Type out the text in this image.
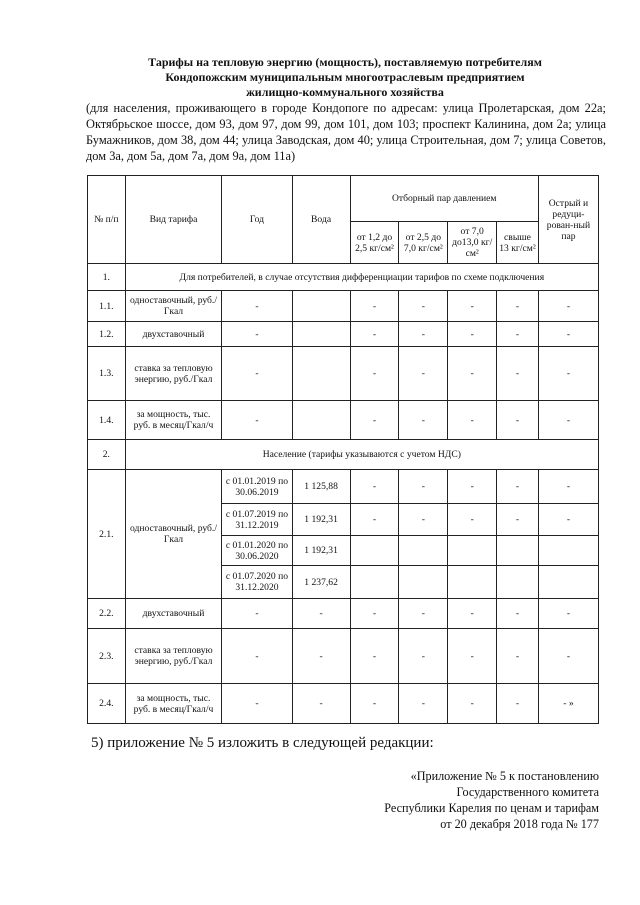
Тарифы на тепловую энергию (мощность), поставляемую потребителям
Кондопожским муниципальным многоотраслевым предприятием
жилищно-коммунального хозяйства
(для населения, проживающего в городе Кондопоге по адресам: улица Пролетарская, дом 22а; Октябрьское шоссе, дом 93, дом 97, дом 99, дом 101, дом 103; проспект Калинина, дом 2а; улица Бумажников, дом 38, дом 44; улица Заводская, дом 40; улица Строительная, дом 7; улица Советов, дом 3а, дом 5а, дом 7а, дом 9а, дом 11а)
№ п/п	Вид тарифа	Год	Вода	Отборный пар давлением				Острый и редуци-рован-ный пар
				от 1,2 до 2,5 кг/см²	от 2,5 до 7,0 кг/см²	от 7,0 до13,0 кг/см²	свыше 13 кг/см²	
1.	Для потребителей, в случае отсутствия дифференциации тарифов по схеме подключения							
1.1.	одноставочный, руб./Гкал	-		-	-	-	-	-
1.2.	двухставочный	-		-	-	-	-	-
1.3.	ставка за тепловую энергию, руб./Гкал	-		-	-	-	-	-
1.4.	за мощность, тыс. руб. в месяц/Гкал/ч	-		-	-	-	-	-
2.	Население (тарифы указываются с учетом НДС)							
2.1.	одноставочный, руб./Гкал	с 01.01.2019 по 30.06.2019	1 125,88	-	-	-	-	-
		с 01.07.2019 по 31.12.2019	1 192,31	-	-	-	-	-
		с 01.01.2020 по 30.06.2020	1 192,31					
		с 01.07.2020 по 31.12.2020	1 237,62					
2.2.	двухставочный	-	-	-	-	-	-	-
2.3.	ставка за тепловую энергию, руб./Гкал	-	-	-	-	-	-	-
2.4.	за мощность, тыс. руб. в месяц/Гкал/ч	-	-	-	-	-	-	- »
5) приложение № 5 изложить в следующей редакции:
«Приложение № 5 к постановлению
Государственного комитета
Республики Карелия по ценам и тарифам
от 20 декабря 2018 года № 177
